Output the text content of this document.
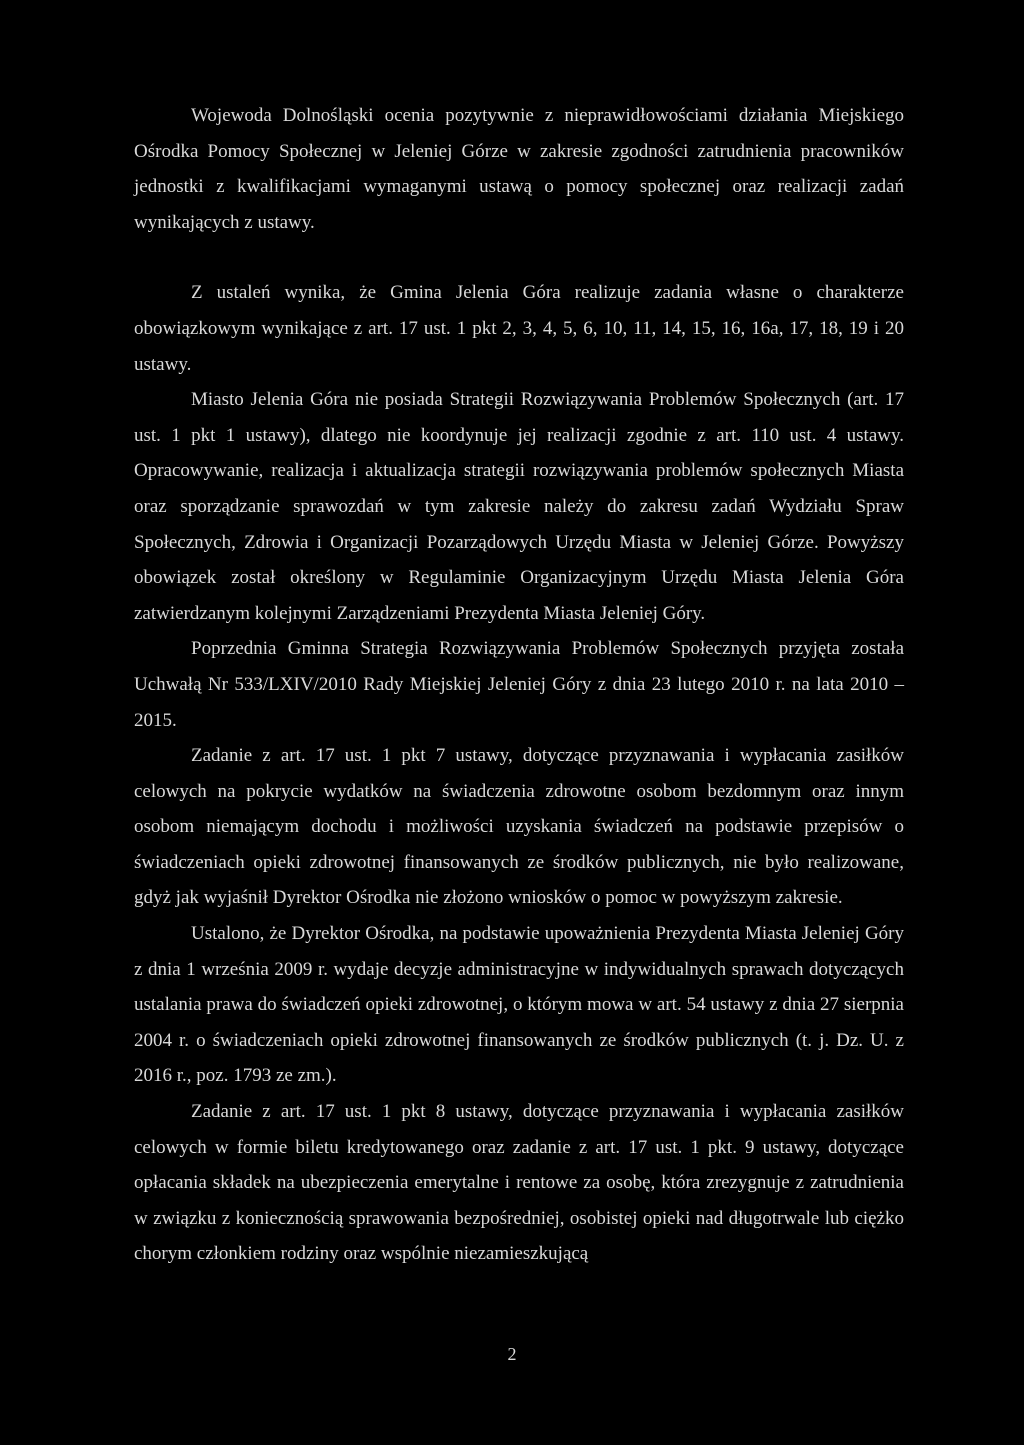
Wojewoda Dolnośląski ocenia pozytywnie z nieprawidłowościami działania Miejskiego Ośrodka Pomocy Społecznej w Jeleniej Górze w zakresie zgodności zatrudnienia pracowników jednostki z kwalifikacjami wymaganymi ustawą o pomocy społecznej oraz realizacji zadań wynikających z ustawy.

Z ustaleń wynika, że Gmina Jelenia Góra realizuje zadania własne o charakterze obowiązkowym wynikające z art. 17 ust. 1 pkt 2, 3, 4, 5, 6, 10, 11, 14, 15, 16, 16a, 17, 18, 19 i 20 ustawy.

Miasto Jelenia Góra nie posiada Strategii Rozwiązywania Problemów Społecznych (art. 17 ust. 1 pkt 1 ustawy), dlatego nie koordynuje jej realizacji zgodnie z art. 110 ust. 4 ustawy. Opracowywanie, realizacja i aktualizacja strategii rozwiązywania problemów społecznych Miasta oraz sporządzanie sprawozdań w tym zakresie należy do zakresu zadań Wydziału Spraw Społecznych, Zdrowia i Organizacji Pozarządowych Urzędu Miasta w Jeleniej Górze. Powyższy obowiązek został określony w Regulaminie Organizacyjnym Urzędu Miasta Jelenia Góra zatwierdzanym kolejnymi Zarządzeniami Prezydenta Miasta Jeleniej Góry.

Poprzednia Gminna Strategia Rozwiązywania Problemów Społecznych przyjęta została Uchwałą Nr 533/LXIV/2010 Rady Miejskiej Jeleniej Góry z dnia 23 lutego 2010 r. na lata 2010 – 2015.

Zadanie z art. 17 ust. 1 pkt 7 ustawy, dotyczące przyznawania i wypłacania zasiłków celowych na pokrycie wydatków na świadczenia zdrowotne osobom bezdomnym oraz innym osobom niemającym dochodu i możliwości uzyskania świadczeń na podstawie przepisów o świadczeniach opieki zdrowotnej finansowanych ze środków publicznych, nie było realizowane, gdyż jak wyjaśnił Dyrektor Ośrodka nie złożono wniosków o pomoc w powyższym zakresie.

Ustalono, że Dyrektor Ośrodka, na podstawie upoważnienia Prezydenta Miasta Jeleniej Góry z dnia 1 września 2009 r. wydaje decyzje administracyjne w indywidualnych sprawach dotyczących ustalania prawa do świadczeń opieki zdrowotnej, o którym mowa w art. 54 ustawy z dnia 27 sierpnia 2004 r. o świadczeniach opieki zdrowotnej finansowanych ze środków publicznych (t. j. Dz. U. z 2016 r., poz. 1793 ze zm.).

Zadanie z art. 17 ust. 1 pkt 8 ustawy, dotyczące przyznawania i wypłacania zasiłków celowych w formie biletu kredytowanego oraz zadanie z art. 17 ust. 1 pkt. 9 ustawy, dotyczące opłacania składek na ubezpieczenia emerytalne i rentowe za osobę, która zrezygnuje z zatrudnienia w związku z koniecznością sprawowania bezpośredniej, osobistej opieki nad długotrwale lub ciężko chorym członkiem rodziny oraz wspólnie niezamieszkującą

2
